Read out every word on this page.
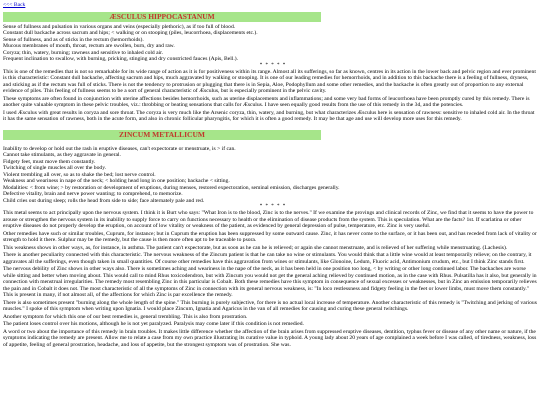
<<< Back
ÆSCULUS HIPPOCASTANUM

Sense of fullness and pulsation in various organs and veins (especially plethoric), as if too full of blood.

Constant dull backache across sacrum and hips; < walking or on stooping (piles, leucorrhoea, displacements etc.).

Sense of fullness, and as of sticks in the rectum (hemorrhoids).

Mucous membranes of mouth, throat, rectum are swollen, burn, dry and raw.

Coryza; thin, watery, burning; rawness and sensitive to inhaled cold air.

Frequent inclination to swallow, with burning, pricking, stinging and dry constricted fauces (Apis, Bell.).

* * * * *

This is one of the remedies that is not so remarkable for its wide range of action as it is for positiveness within its range. Almost all its sufferings, so far as known, centres in its action in the lower back and pelvic region and ever prominent is this characteristic: Constant dull backache, affecting sacrum and hips, much aggravated by walking or stooping. It is one of our leading remedies for hemorrhoids, and in addition to this backache there is a feeling of fullness, dryness, and sticking as if the rectum was full of sticks. There is not the tendency to protrusion or plugging that there is in Sepia, Aloe, Podophyllum and some other remedies, and the backache is often greatly out of proportion to any external evidence of piles. This feeling of fullness seems to be a sort of general characteristic of Æsculus, but is especially prominent in the pelvic cavity.

These symptoms are often found in conjunction with uterine affections besides hemorrhoids, such as uterine displacements and inflammations; and some very bad forms of leucorrhoea have been promptly cured by this remedy. There is another quite valuable symptom in these pelvic troubles, viz.: throbbing or beating sensations that calls for Æsculus. I have seen equally good results from the use of this remedy in the 3d, and the potencies.

I used Æsculus with great results in coryza and sore throat. The coryza is very much like the Arsenic coryza, thin, watery, and burning, but what characterizes Æsculus here is sensation of rawness: sensitive to inhaled cold air. In the throat it has the same sensation of rawness, both in the acute form, and also in chronic follicular pharyngitis, for which it is often a good remedy. It may be that age and use will develop more uses for this remedy.

ZINCUM METALLICUM

Inability to develop or hold out the rash in eruptive diseases, can't expectorate or menstruate, is > if can.

Cannot take stimulants, as they aggravate in general.

Fidgety feet, must move them constantly.

Twitching of single muscles all over the body.

Violent trembling all over, so as to shake the bed; lost nerve control.

Weakness and weariness in nape of the neck; < holding head long in one position; backache < sitting.

Modalities: < from wine; > by restoration or development of eruptions, during menses, restored expectoration, seminal emission, discharges generally.

Defective vitality, brain and nerve power wanting; to comprehend, to memorize.

Child cries out during sleep; rolls the head from side to side; face alternately pale and red.

* * * * *

This metal seems to act principally upon the nervous system. I think it is Burt who says: "What Iron is to the blood, Zinc is to the nerves." If we examine the provings and clinical records of Zinc, we find that it seems to have the power to arouse or strengthen the nervous system in its inability to supply force to carry on functions necessary to health or the elimination of disease products from the system. This is speculation. What are the facts? 1st. If scarlatina or other eruptive diseases do not properly develop the eruption, on account of low vitality or weakness of the patient, as evidenced by general depression of pulse, temperature, etc. Zinc is very useful.

Other remedies have such or similar troubles, Cuprum, for instance; but in Cuprum the eruption has been suppressed by some outward cause. Zinc, it has never come to the surface, or it has been out, and has receded from lack of vitality or strength to hold it there. Sulphur may be the remedy, but the cause is then more often apt to be traceable to psora.

This weakness shows in other ways, as, for instance, in asthma. The patient can't expectorate, but as soon as he can he is relieved; or again she cannot menstruate, and is relieved of her suffering while menstruating. (Lachesis).

There is another peculiarity connected with this characteristic. The nervous weakness of the Zincum patient is that he can take no wine or stimulants. You would think that a little wine would at least temporarily relieve; on the contrary, it aggravates all the sufferings, even though taken in small quantities. Of course other remedies have this aggravation from wines or stimulants, like Glonoine, Ledum, Fluoric acid, Antimonium crudum, etc., but I think Zinc stands first.

The nervous debility of Zinc shows in other ways also. There is sometimes aching and weariness in the nape of the neck, as it has been held in one position too long, < by writing or other long continued labor. The backaches are worse while sitting and better when moving about. This would call to mind Rhus toxicodendron, but with Zincum you would not get the general aching relieved by continued motion, as in the case with Rhus. Pulsatilla has it also, but generally in connection with menstrual irregularities. The remedy most resembling Zinc in this particular is Cobalt. Both these remedies have this symptom in consequence of sexual excesses or weaknesses, but in Zinc an emission temporarily relieves the pain and in Cobalt it does not. The most characteristic of all the symptoms of Zinc in connection with its general nervous weakness, is: "In loco restlessness and fidgety feeling in the feet or lower limbs, must move them constantly." This is present in many, if not almost all, of the affections for which Zinc is par excellence the remedy.

There is also sometimes present "burning along the whole length of the spine." This burning is purely subjective, for there is no actual local increase of temperature. Another characteristic of this remedy is "Twitching and jerking of various muscles." I spoke of this symptom when writing upon Ignatia. I would place Zincum, Ignatia and Agaricus in the van of all remedies for causing and curing these general twitchings.

Another symptom for which this one of our best remedies is, general trembling. This is also from prostration.

The patient loses control over his motions, although he is not yet paralyzed. Paralysis may come later if this condition is not remedied.

A word or two about the importance of this remedy in brain troubles. It makes little difference whether the affection of the brain arises from suppressed eruptive diseases, dentition, typhus fever or disease of any other name or nature, if the symptoms indicating the remedy are present. Allow me to relate a case from my own practice illustrating its curative value in typhoid. A young lady about 20 years of age complained a week before I was called, of tiredness, weakness, loss of appetite, feeling of general prostration, headache, and loss of appetite, but the strongest symptom was of prostration. She was.
